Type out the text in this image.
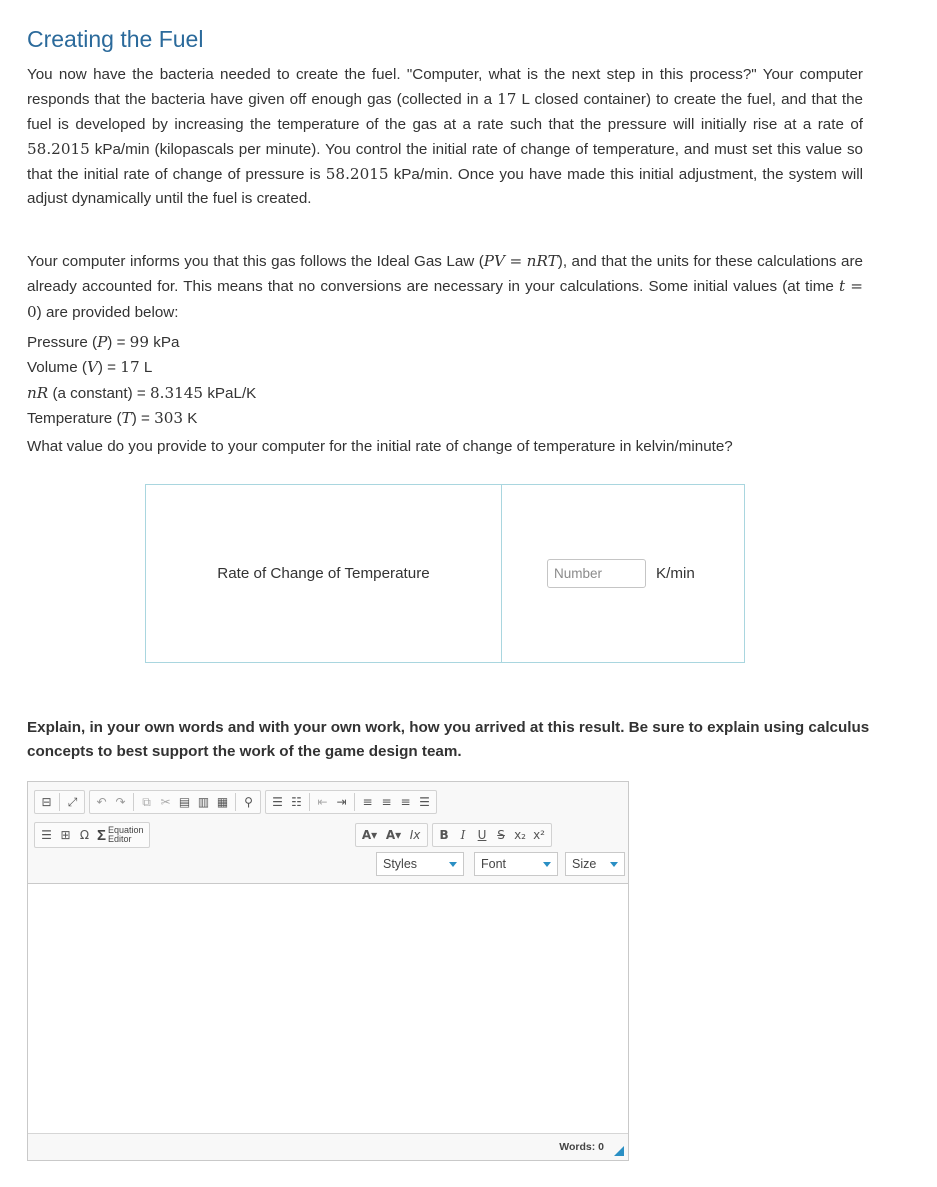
Creating the Fuel

You now have the bacteria needed to create the fuel. "Computer, what is the next step in this process?" Your computer responds that the bacteria have given off enough gas (collected in a 17 L closed container) to create the fuel, and that the fuel is developed by increasing the temperature of the gas at a rate such that the pressure will initially rise at a rate of 58.2015 kPa/min (kilopascals per minute). You control the initial rate of change of temperature, and must set this value so that the initial rate of change of pressure is 58.2015 kPa/min. Once you have made this initial adjustment, the system will adjust dynamically until the fuel is created.

Your computer informs you that this gas follows the Ideal Gas Law (PV = nRT), and that the units for these calculations are already accounted for. This means that no conversions are necessary in your calculations. Some initial values (at time t = 0) are provided below:

Pressure (P) = 99 kPa
Volume (V) = 17 L
nR (a constant) = 8.3145 kPaL/K
Temperature (T) = 303 K
What value do you provide to your computer for the initial rate of change of temperature in kelvin/minute?
Rate of Change of Temperature
Number	K/min

Explain, in your own words and with your own work, how you arrived at this result. Be sure to explain using calculus concepts to best support the work of the game design team.

⊟	⤢	↶ ↷	⧉ ✂ ▤ ▥ ▦	⚲	☰ ☷	⇤ ⇥	≡ ≡ ≡ ☰
☰ ⊞ Ω Σ Equation
Editor	A▾ A▾ Ix	B	I	U S x₂ x²
Styles	Font	Size
Words: 0
